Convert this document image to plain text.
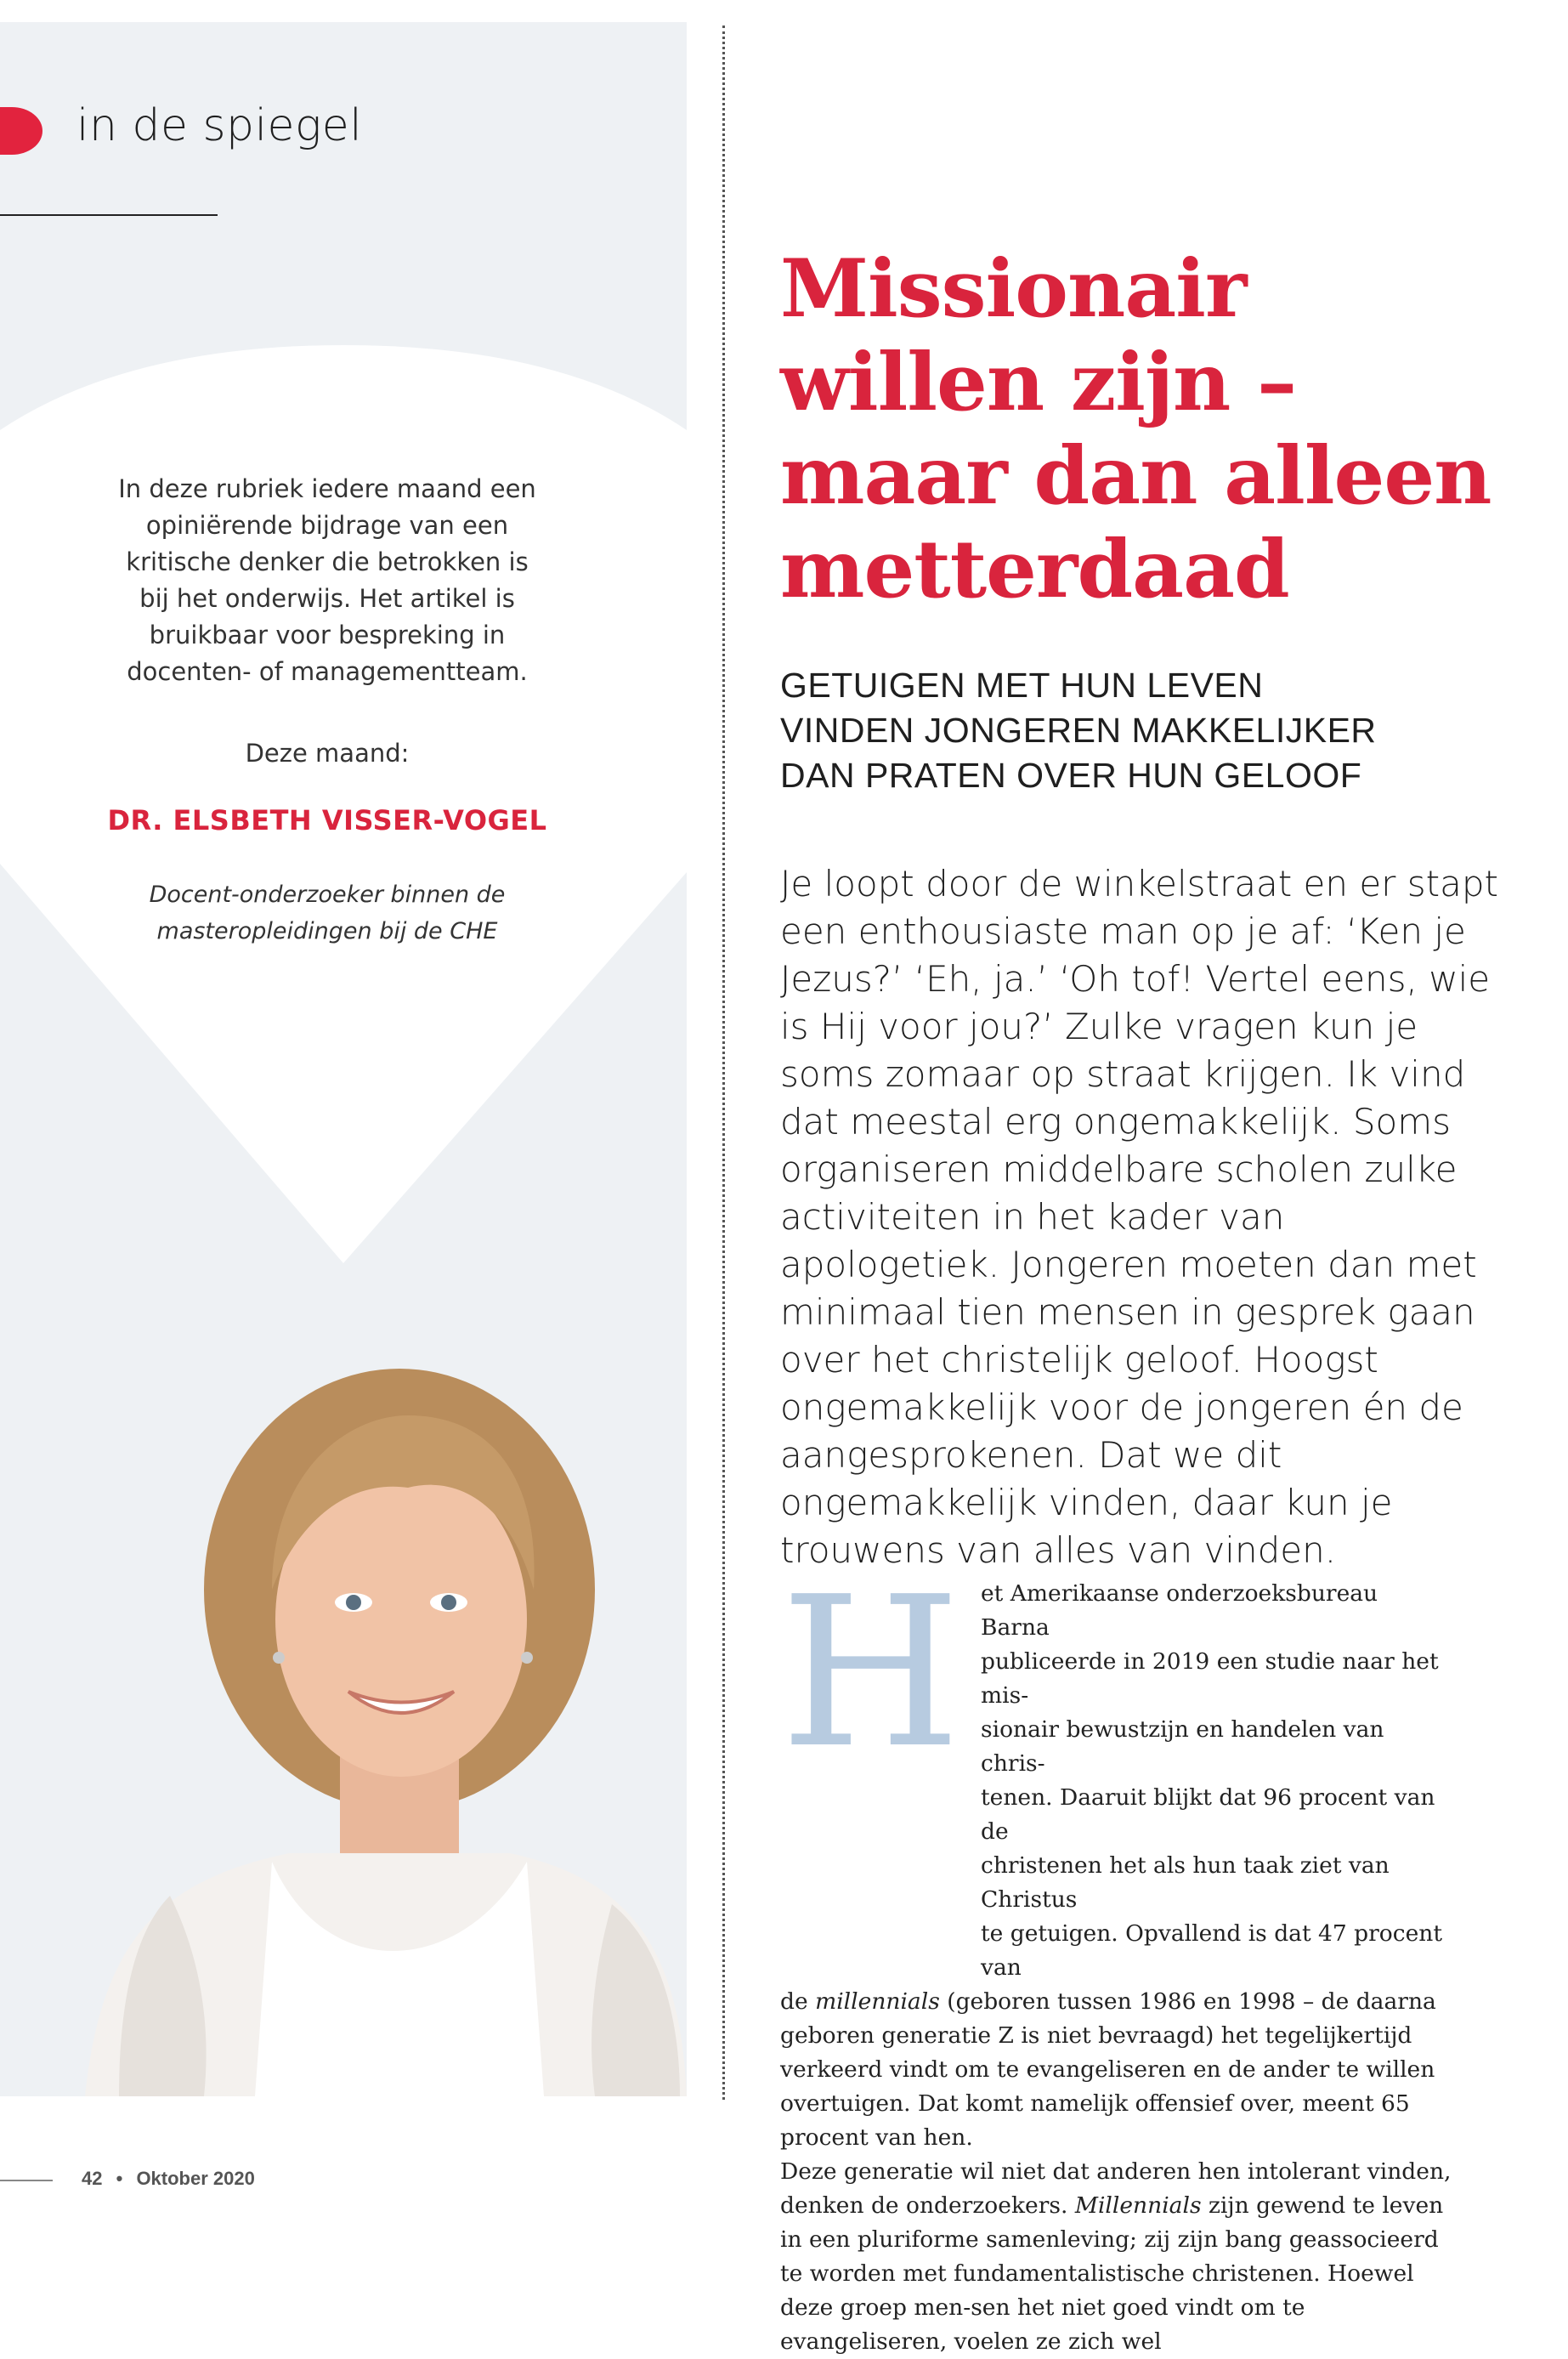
in de spiegel
In deze rubriek iedere maand een opiniërende bijdrage van een kritische denker die betrokken is bij het onderwijs. Het artikel is bruikbaar voor bespreking in docenten- of managementteam.
Deze maand:
DR. ELSBETH VISSER-VOGEL
Docent-onderzoeker binnen de masteropleidingen bij de CHE
Missionair
willen zijn –
maar dan alleen
metterdaad
GETUIGEN MET HUN LEVEN
VINDEN JONGEREN MAKKELIJKER
DAN PRATEN OVER HUN GELOOF
Je loopt door de winkelstraat en er stapt een enthousiaste man op je af: ‘Ken je Jezus?’ ‘Eh, ja.’ ‘Oh tof! Vertel eens, wie is Hij voor jou?’ Zulke vragen kun je soms zomaar op straat krijgen. Ik vind dat meestal erg ongemakkelijk. Soms organiseren middelbare scholen zulke activiteiten in het kader van apologetiek. Jongeren moeten dan met minimaal tien mensen in gesprek gaan over het christelijk geloof. Hoogst ongemakkelijk voor de jongeren én de aangesprokenen. Dat we dit ongemakkelijk vinden, daar kun je trouwens van alles van vinden.
H et Amerikaanse onderzoeksbureau Barna
publiceerde in 2019 een studie naar het mis-
sionair bewustzijn en handelen van chris-
tenen. Daaruit blijkt dat 96 procent van de
christenen het als hun taak ziet van Christus
te getuigen. Opvallend is dat 47 procent van

de millennials (geboren tussen 1986 en 1998 – de daarna geboren generatie Z is niet bevraagd) het tegelijkertijd verkeerd vindt om te evangeliseren en de ander te willen overtuigen. Dat komt namelijk offensief over, meent 65 procent van hen.

Deze generatie wil niet dat anderen hen intolerant vinden, denken de onderzoekers. Millennials zijn gewend te leven in een pluriforme samenleving; zij zijn bang geassocieerd te worden met fundamentalistische christenen. Hoewel deze groep men-sen het niet goed vindt om te evangeliseren, voelen ze zich wel

42 • Oktober 2020
